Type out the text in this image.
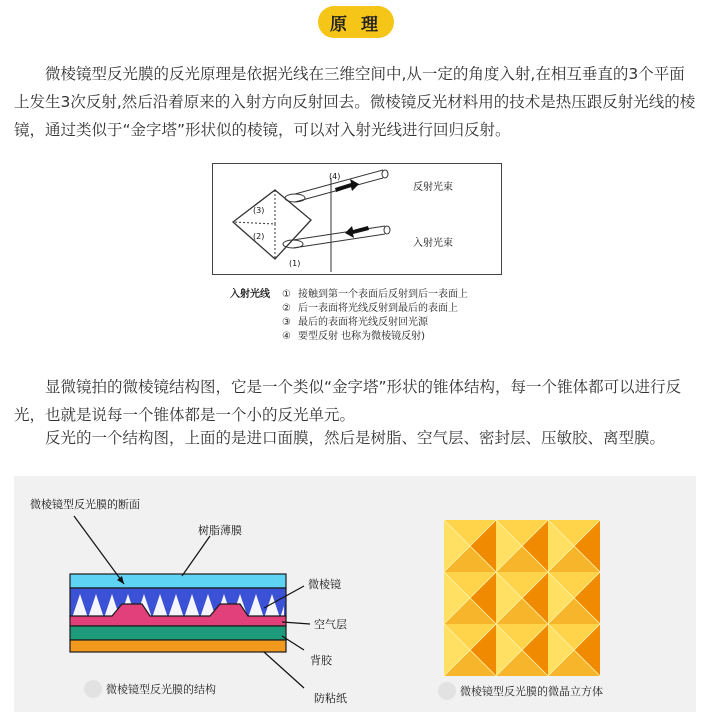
原 理
微棱镜型反光膜的反光原理是依据光线在三维空间中,从一定的角度入射,在相互垂直的3个平面上发生3次反射,然后沿着原来的入射方向反射回去。微棱镜反光材料用的技术是热压跟反射光线的棱镜，通过类似于“金字塔”形状似的棱镜，可以对入射光线进行回归反射。
(4)
(3)
(2)
(1)
反射光束
入射光束
入射光线	① 接触到第一个表面后反射到后一表面上
② 后一表面将光线反射到最后的表面上
③ 最后的表面将光线反射回光源
④ 要型反射 也称为微棱镜反射)
显微镜拍的微棱镜结构图，它是一个类似“金字塔”形状的锥体结构，每一个锥体都可以进行反光，也就是说每一个锥体都是一个小的反光单元。
反光的一个结构图，上面的是进口面膜，然后是树脂、空气层、密封层、压敏胶、离型膜。
微棱镜型反光膜的断面
树脂薄膜
微棱镜
空气层
背胶
防粘纸
微棱镜型反光膜的结构	微棱镜型反光膜的微晶立方体
